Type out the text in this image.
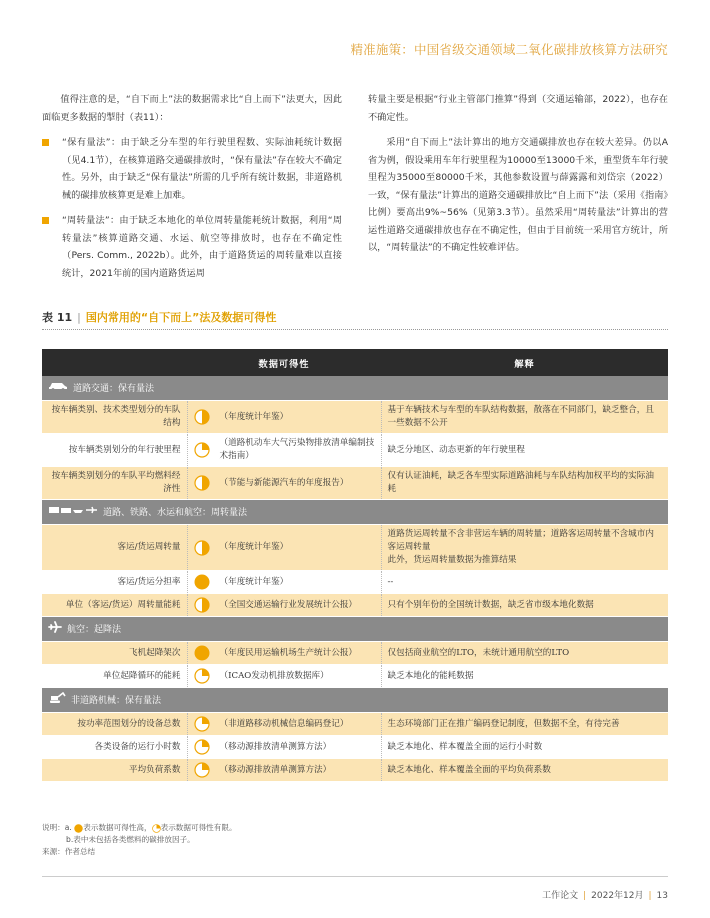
精准施策：中国省级交通领域二氧化碳排放核算方法研究

值得注意的是，“自下而上”法的数据需求比“自上而下”法更大，因此面临更多数据的掣肘（表11）：

“保有量法”：由于缺乏分车型的年行驶里程数、实际油耗统计数据（见4.1节），在核算道路交通碳排放时，“保有量法”存在较大不确定性。另外，由于缺乏“保有量法”所需的几乎所有统计数据，非道路机械的碳排放核算更是难上加难。
“周转量法”：由于缺乏本地化的单位周转量能耗统计数据，利用“周转量法”核算道路交通、水运、航空等排放时，也存在不确定性（Pers. Comm., 2022b）。此外，由于道路货运的周转量难以直接统计，2021年前的国内道路货运周

转量主要是根据“行业主管部门推算”得到（交通运输部，2022），也存在不确定性。

采用“自下而上”法计算出的地方交通碳排放也存在较大差异。仍以A省为例，假设乘用车年行驶里程为10000至13000千米，重型货车年行驶里程为35000至80000千米，其他参数设置与薛露露和刘岱宗（2022）一致，“保有量法”计算出的道路交通碳排放比“自上而下”法（采用《指南》比例）要高出9%~56%（见第3.3节）。虽然采用“周转量法”计算出的营运性道路交通碳排放也存在不确定性，但由于目前统一采用官方统计，所以，“周转量法”的不确定性较难评估。

表 11 | 国内常用的“自下而上”法及数据可得性
	数据可得性	解释
道路交通：保有量法		
按车辆类别、技术类型划分的车队结构	（年度统计年鉴）	基于车辆技术与车型的车队结构数据，散落在不同部门，缺乏整合，且一些数据不公开
按车辆类别划分的年行驶里程	（道路机动车大气污染物排放清单编制技术指南）	缺乏分地区、动态更新的年行驶里程
按车辆类别划分的车队平均燃料经济性	（节能与新能源汽车的年度报告）	仅有认证油耗，缺乏各车型实际道路油耗与车队结构加权平均的实际油耗
道路、铁路、水运和航空：周转量法		
客运/货运周转量	（年度统计年鉴）	道路货运周转量不含非营运车辆的周转量；道路客运周转量不含城市内客运周转量
此外，货运周转量数据为推算结果
客运/货运分担率	（年度统计年鉴）	--
单位（客运/货运）周转量能耗	（全国交通运输行业发展统计公报）	只有个别年份的全国统计数据，缺乏省市级本地化数据
航空：起降法		
飞机起降架次	（年度民用运输机场生产统计公报）	仅包括商业航空的LTO，未统计通用航空的LTO
单位起降循环的能耗	（ICAO发动机排放数据库）	缺乏本地化的能耗数据
非道路机械：保有量法		
按功率范围划分的设备总数	（非道路移动机械信息编码登记）	生态环境部门正在推广编码登记制度，但数据不全，有待完善
各类设备的运行小时数	（移动源排放清单测算方法）	缺乏本地化、样本覆盖全面的运行小时数
平均负荷系数	（移动源排放清单测算方法）	缺乏本地化、样本覆盖全面的平均负荷系数
说明：a. 表示数据可得性高， 表示数据可得性有限。
b.表中未包括各类燃料的碳排放因子。
来源：作者总结
工作论文 | 2022年12月 | 13
